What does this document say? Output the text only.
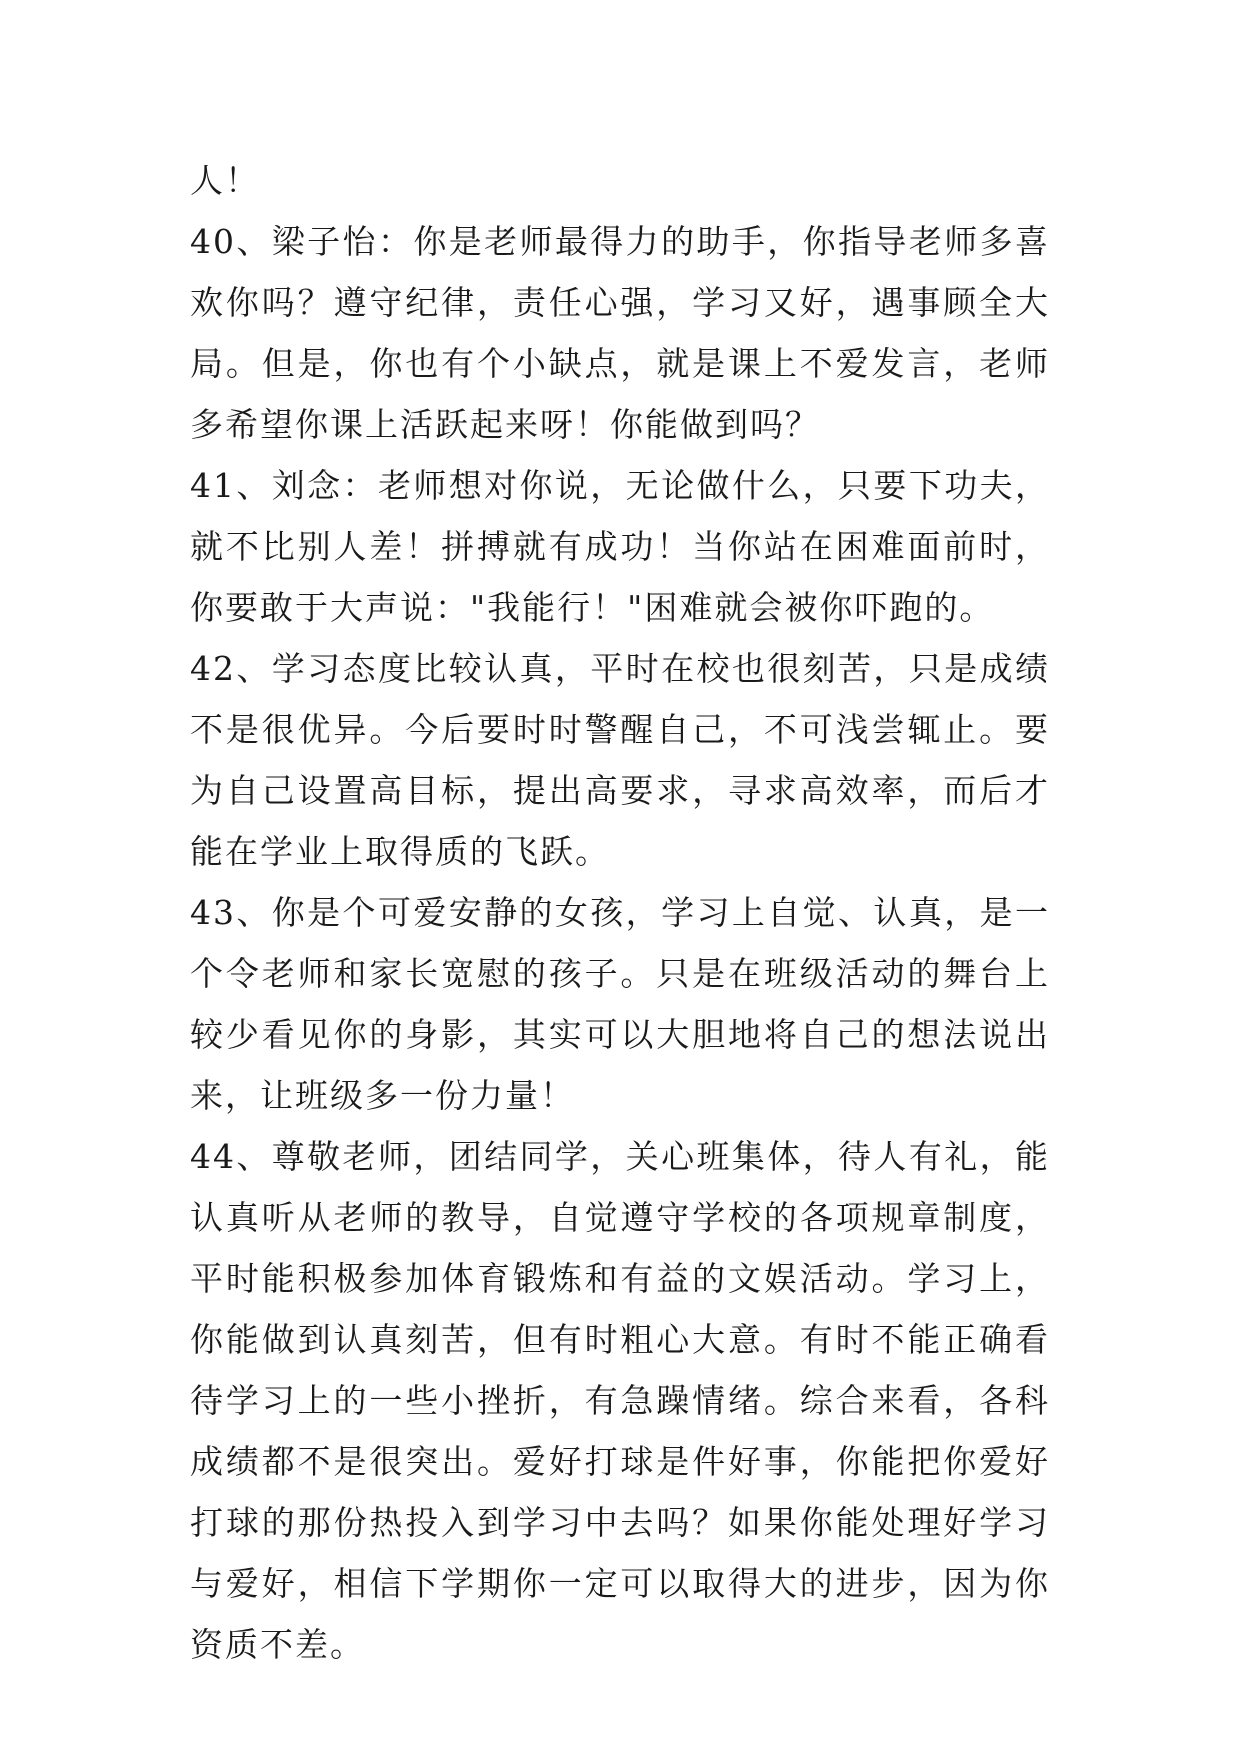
人！

40、梁子怡：你是老师最得力的助手，你指导老师多喜欢你吗？遵守纪律，责任心强，学习又好，遇事顾全大局。但是，你也有个小缺点，就是课上不爱发言，老师多希望你课上活跃起来呀！你能做到吗？

41、刘念：老师想对你说，无论做什么，只要下功夫，就不比别人差！拼搏就有成功！当你站在困难面前时，你要敢于大声说："我能行！"困难就会被你吓跑的。

42、学习态度比较认真，平时在校也很刻苦，只是成绩不是很优异。今后要时时警醒自己，不可浅尝辄止。要为自己设置高目标，提出高要求，寻求高效率，而后才能在学业上取得质的飞跃。

43、你是个可爱安静的女孩，学习上自觉、认真，是一个令老师和家长宽慰的孩子。只是在班级活动的舞台上较少看见你的身影，其实可以大胆地将自己的想法说出来，让班级多一份力量！

44、尊敬老师，团结同学，关心班集体，待人有礼，能认真听从老师的教导，自觉遵守学校的各项规章制度，平时能积极参加体育锻炼和有益的文娱活动。学习上，你能做到认真刻苦，但有时粗心大意。有时不能正确看待学习上的一些小挫折，有急躁情绪。综合来看，各科成绩都不是很突出。爱好打球是件好事，你能把你爱好打球的那份热投入到学习中去吗？如果你能处理好学习与爱好，相信下学期你一定可以取得大的进步，因为你资质不差。
